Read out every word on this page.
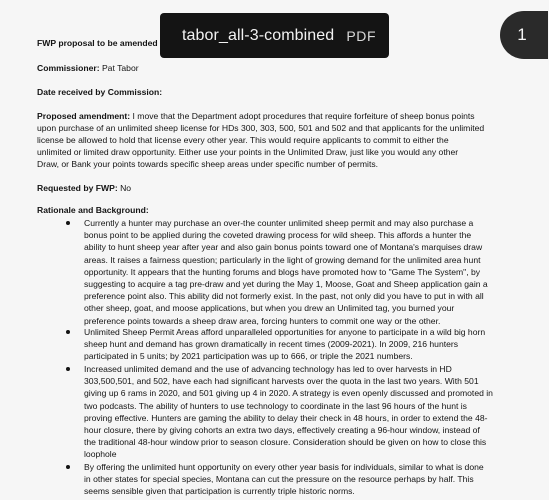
FWP proposal to be amended
Commissioner: Pat Tabor
Date received by Commission:
Proposed amendment: I move that the Department adopt procedures that require forfeiture of sheep bonus points
upon purchase of an unlimited sheep license for HDs 300, 303, 500, 501 and 502 and that applicants for the unlimited
license be allowed to hold that license every other year. This would require applicants to commit to either the
unlimited or limited draw opportunity. Either use your points in the Unlimited Draw, just like you would any other
Draw, or Bank your points towards specific sheep areas under specific number of permits.
Requested by FWP: No
Rationale and Background:
Currently a hunter may purchase an over-the counter unlimited sheep permit and may also purchase a
bonus point to be applied during the coveted drawing process for wild sheep. This affords a hunter the
ability to hunt sheep year after year and also gain bonus points toward one of Montana's marquises draw
areas. It raises a fairness question; particularly in the light of growing demand for the unlimited area hunt
opportunity. It appears that the hunting forums and blogs have promoted how to "Game The System", by
suggesting to acquire a tag pre-draw and yet during the May 1, Moose, Goat and Sheep application gain a
preference point also. This ability did not formerly exist. In the past, not only did you have to put in with all
other sheep, goat, and moose applications, but when you drew an Unlimited tag, you burned your
preference points towards a sheep draw area, forcing hunters to commit one way or the other.
Unlimited Sheep Permit Areas afford unparalleled opportunities for anyone to participate in a wild big horn
sheep hunt and demand has grown dramatically in recent times (2009-2021). In 2009, 216 hunters
participated in 5 units; by 2021 participation was up to 666, or triple the 2021 numbers.
Increased unlimited demand and the use of advancing technology has led to over harvests in HD
303,500,501, and 502, have each had significant harvests over the quota in the last two years. With 501
giving up 6 rams in 2020, and 501 giving up 4 in 2020. A strategy is even openly discussed and promoted in
two podcasts. The ability of hunters to use technology to coordinate in the last 96 hours of the hunt is
proving effective. Hunters are gaming the ability to delay their check in 48 hours, in order to extend the 48-
hour closure, there by giving cohorts an extra two days, effectively creating a 96-hour window, instead of
the traditional 48-hour window prior to season closure. Consideration should be given on how to close this
loophole
By offering the unlimited hunt opportunity on every other year basis for individuals, similar to what is done
in other states for special species, Montana can cut the pressure on the resource perhaps by half. This
seems sensible given that participation is currently triple historic norms.
tabor_all-3-combined PDF	1
